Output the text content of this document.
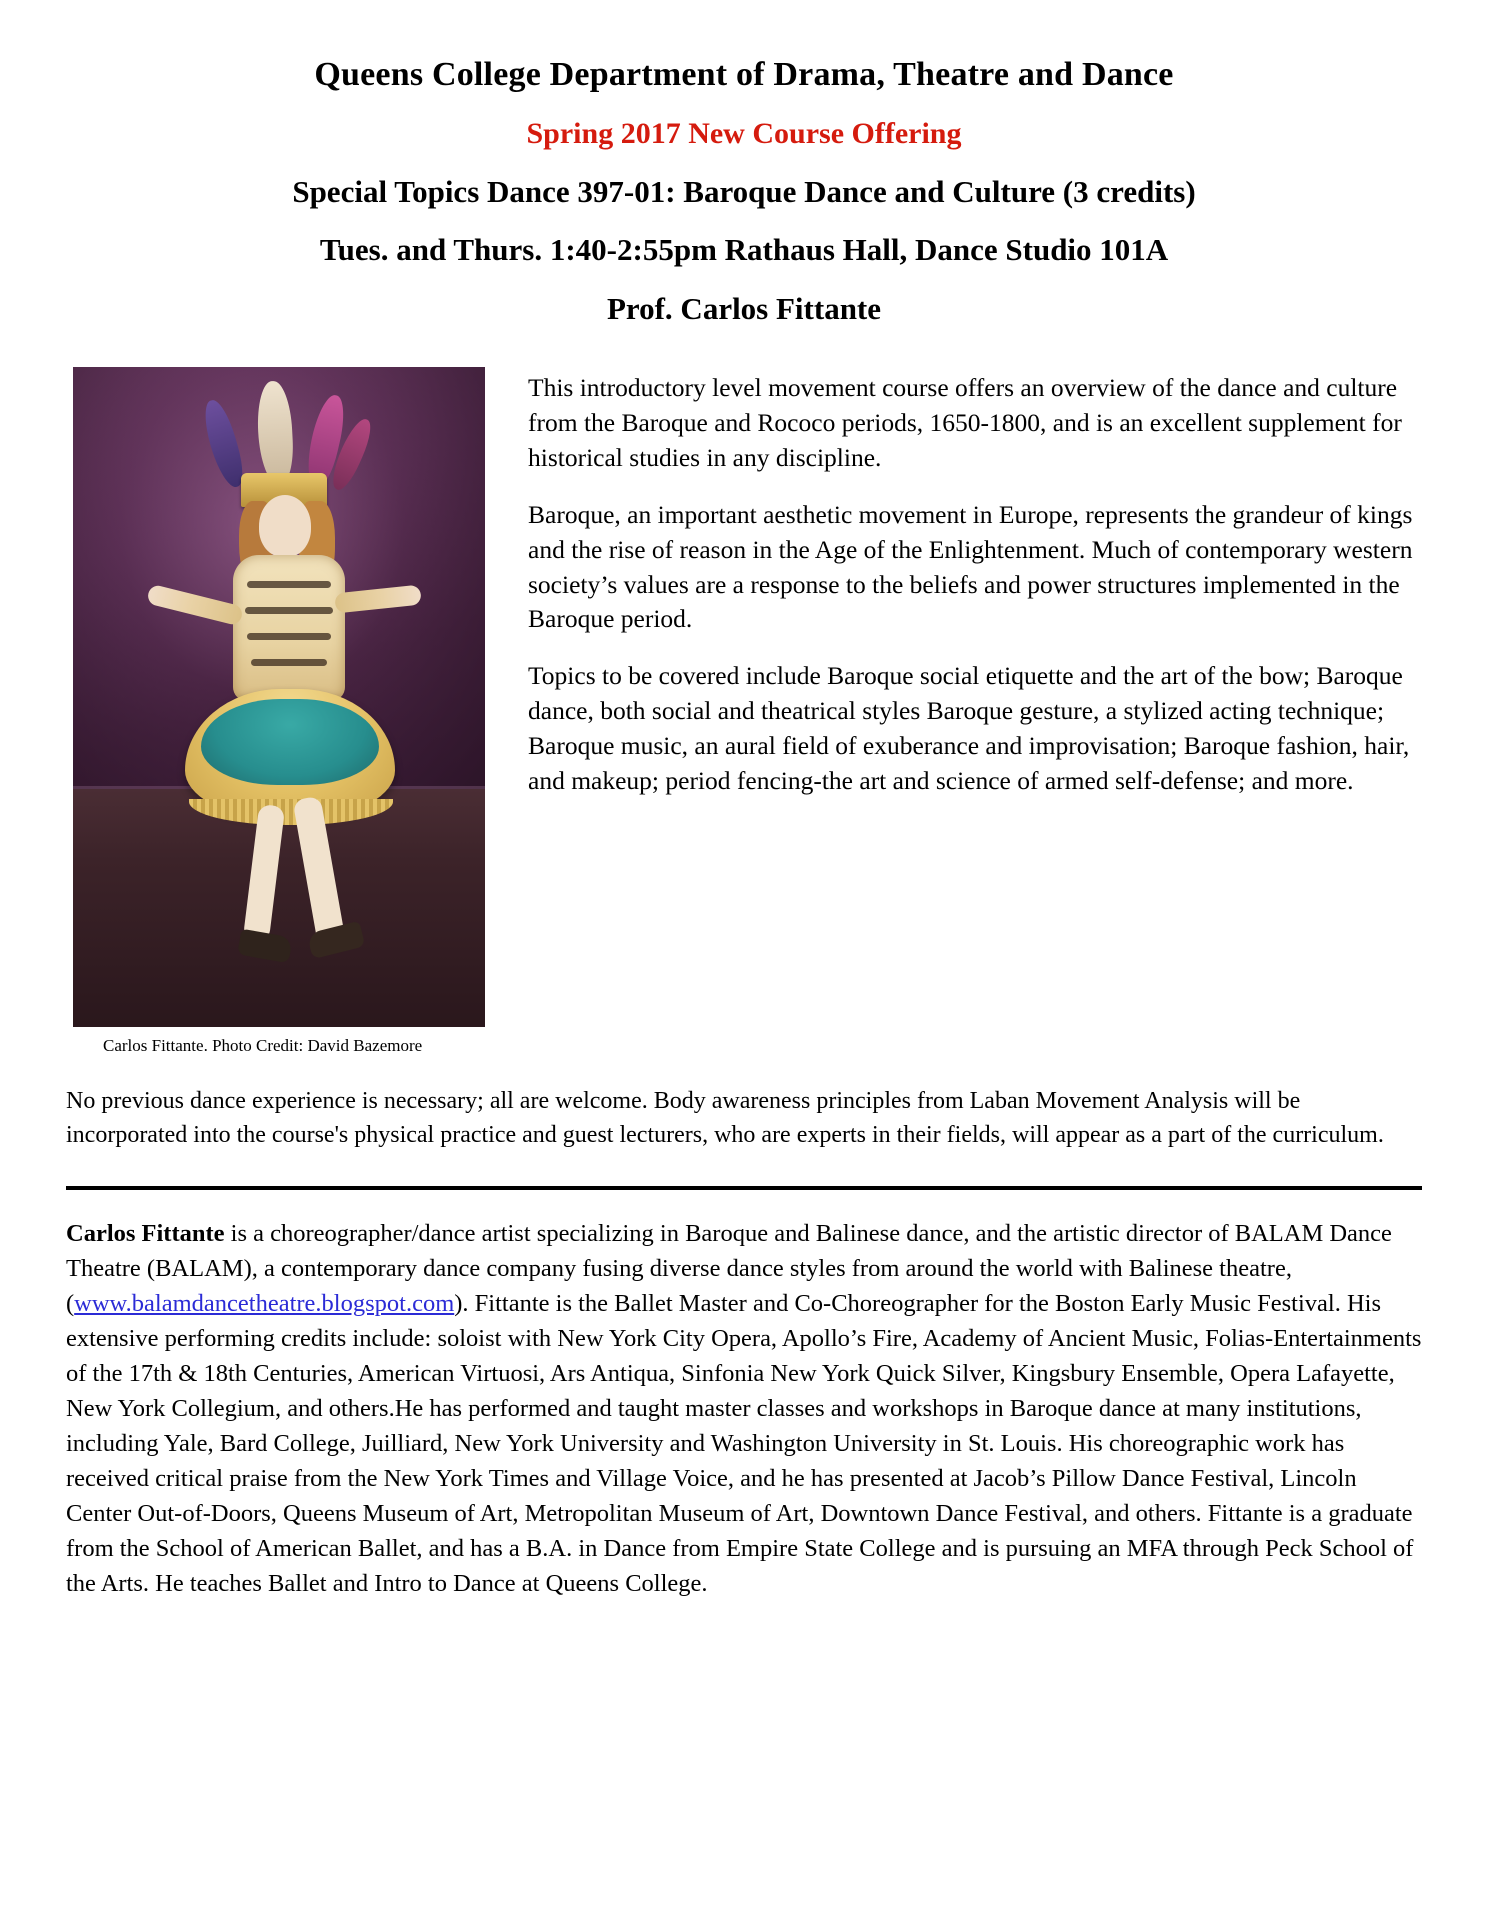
Queens College Department of Drama, Theatre and Dance
Spring 2017 New Course Offering
Special Topics Dance 397-01: Baroque Dance and Culture (3 credits)
Tues. and Thurs. 1:40-2:55pm Rathaus Hall, Dance Studio 101A
Prof. Carlos Fittante
Carlos Fittante. Photo Credit: David Bazemore

This introductory level movement course offers an overview of the dance and culture from the Baroque and Rococo periods, 1650-1800, and is an excellent supplement for historical studies in any discipline.

Baroque, an important aesthetic movement in Europe, represents the grandeur of kings and the rise of reason in the Age of the Enlightenment. Much of contemporary western society’s values are a response to the beliefs and power structures implemented in the Baroque period.

Topics to be covered include Baroque social etiquette and the art of the bow; Baroque dance, both social and theatrical styles Baroque gesture, a stylized acting technique; Baroque music, an aural field of exuberance and improvisation; Baroque fashion, hair, and makeup; period fencing-the art and science of armed self-defense; and more.

No previous dance experience is necessary; all are welcome. Body awareness principles from Laban Movement Analysis will be incorporated into the course's physical practice and guest lecturers, who are experts in their fields, will appear as a part of the curriculum.

Carlos Fittante is a choreographer/dance artist specializing in Baroque and Balinese dance, and the artistic director of BALAM Dance Theatre (BALAM), a contemporary dance company fusing diverse dance styles from around the world with Balinese theatre, (www.balamdancetheatre.blogspot.com). Fittante is the Ballet Master and Co-Choreographer for the Boston Early Music Festival. His extensive performing credits include: soloist with New York City Opera, Apollo’s Fire, Academy of Ancient Music, Folias-Entertainments of the 17th & 18th Centuries, American Virtuosi, Ars Antiqua, Sinfonia New York Quick Silver, Kingsbury Ensemble, Opera Lafayette, New York Collegium, and others.He has performed and taught master classes and workshops in Baroque dance at many institutions, including Yale, Bard College, Juilliard, New York University and Washington University in St. Louis. His choreographic work has received critical praise from the New York Times and Village Voice, and he has presented at Jacob’s Pillow Dance Festival, Lincoln Center Out-of-Doors, Queens Museum of Art, Metropolitan Museum of Art, Downtown Dance Festival, and others. Fittante is a graduate from the School of American Ballet, and has a B.A. in Dance from Empire State College and is pursuing an MFA through Peck School of the Arts. He teaches Ballet and Intro to Dance at Queens College.
